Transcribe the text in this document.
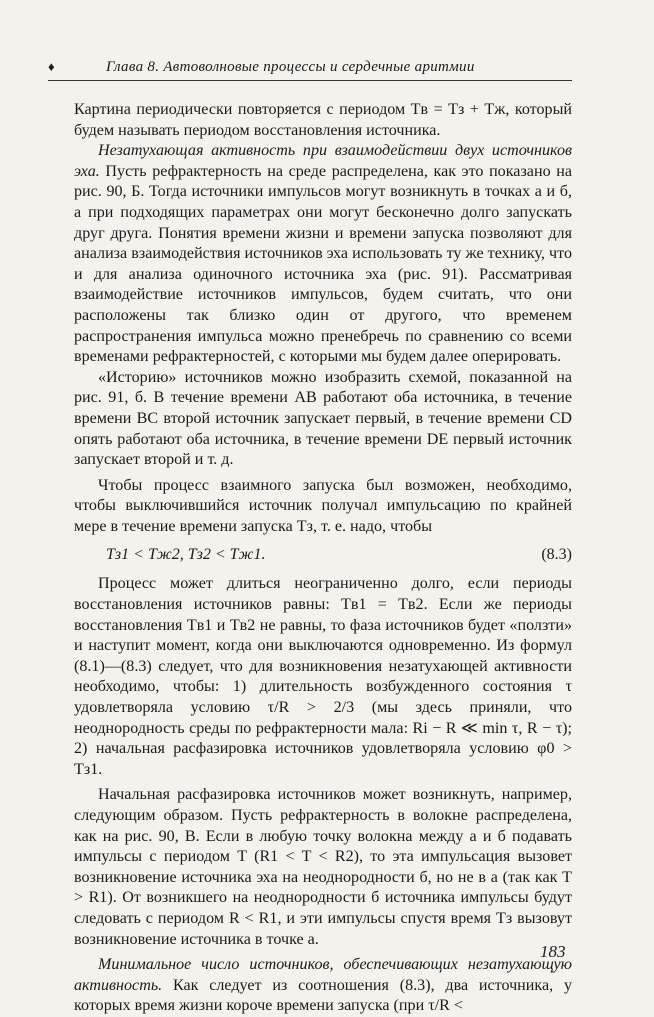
♦	Глава 8. Автоволновые процессы и сердечные аритмии

Картина периодически повторяется с периодом Tв = Tз + Tж, который будем называть периодом восстановления источника.

Незатухающая активность при взаимодействии двух источников эха. Пусть рефрактерность на среде распределена, как это показано на рис. 90, Б. Тогда источники импульсов могут возникнуть в точках a и б, а при подходящих параметрах они могут бесконечно долго запускать друг друга. Понятия времени жизни и времени запуска позволяют для анализа взаимодействия источников эха использовать ту же технику, что и для анализа одиночного источника эха (рис. 91). Рассматривая взаимодействие источников импульсов, будем считать, что они расположены так близко один от другого, что временем распространения импульса можно пренебречь по сравнению со всеми временами рефрактерностей, с которыми мы будем далее оперировать.

«Историю» источников можно изобразить схемой, показанной на рис. 91, б. В течение времени AB работают оба источника, в течение времени BC второй источник запускает первый, в течение времени CD опять работают оба источника, в течение времени DE первый источник запускает второй и т. д.

Чтобы процесс взаимного запуска был возможен, необходимо, чтобы выключившийся источник получал импульсацию по крайней мере в течение времени запуска Tз, т. е. надо, чтобы

Tз1 < Tж2, Tз2 < Tж1.	(8.3)

Процесс может длиться неограниченно долго, если периоды восстановления источников равны: Tв1 = Tв2. Если же периоды восстановления Tв1 и Tв2 не равны, то фаза источников будет «ползти» и наступит момент, когда они выключаются одновременно. Из формул (8.1)—(8.3) следует, что для возникновения незатухающей активности необходимо, чтобы: 1) длительность возбужденного состояния τ удовлетворяла условию τ/R > 2/3 (мы здесь приняли, что неоднородность среды по рефрактерности мала: Ri − R ≪ min τ, R − τ); 2) начальная расфазировка источников удовлетворяла условию φ0 > Tз1.

Начальная расфазировка источников может возникнуть, например, следующим образом. Пусть рефрактерность в волокне распределена, как на рис. 90, В. Если в любую точку волокна между a и б подавать импульсы с периодом T (R1 < T < R2), то эта импульсация вызовет возникновение источника эха на неоднородности б, но не в a (так как T > R1). От возникшего на неоднородности б источника импульсы будут следовать с периодом R < R1, и эти импульсы спустя время Tз вызовут возникновение источника в точке a.

Минимальное число источников, обеспечивающих незатухающую активность. Как следует из соотношения (8.3), два источника, у которых время жизни короче времени запуска (при τ/R <

183
